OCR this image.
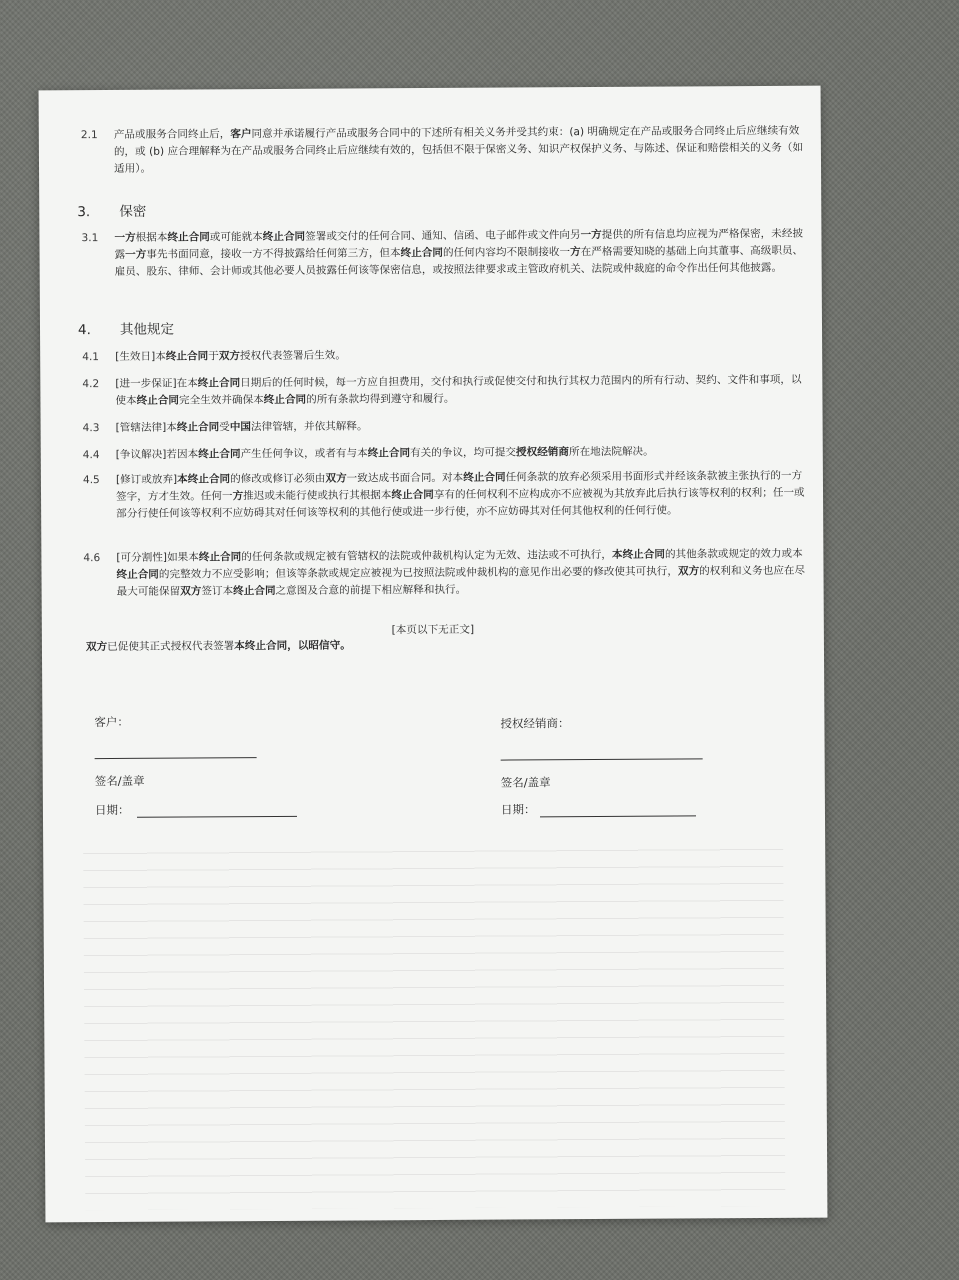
2.1 产品或服务合同终止后，客户同意并承诺履行产品或服务合同中的下述所有相关义务并受其约束：(a) 明确规定在产品或服务合同终止后应继续有效的，或 (b) 应合理解释为在产品或服务合同终止后应继续有效的，包括但不限于保密义务、知识产权保护义务、与陈述、保证和赔偿相关的义务（如适用）。
3. 保密
3.1 一方根据本终止合同或可能就本终止合同签署或交付的任何合同、通知、信函、电子邮件或文件向另一方提供的所有信息均应视为严格保密，未经披露一方事先书面同意，接收一方不得披露给任何第三方，但本终止合同的任何内容均不限制接收一方在严格需要知晓的基础上向其董事、高级职员、雇员、股东、律师、会计师或其他必要人员披露任何该等保密信息，或按照法律要求或主管政府机关、法院或仲裁庭的命令作出任何其他披露。
4. 其他规定
4.1 [生效日]本终止合同于双方授权代表签署后生效。
4.2 [进一步保证]在本终止合同日期后的任何时候，每一方应自担费用，交付和执行或促使交付和执行其权力范围内的所有行动、契约、文件和事项，以使本终止合同完全生效并确保本终止合同的所有条款均得到遵守和履行。
4.3 [管辖法律]本终止合同受中国法律管辖，并依其解释。
4.4 [争议解决]若因本终止合同产生任何争议，或者有与本终止合同有关的争议，均可提交授权经销商所在地法院解决。
4.5 [修订或放弃]本终止合同的修改或修订必须由双方一致达成书面合同。对本终止合同任何条款的放弃必须采用书面形式并经该条款被主张执行的一方签字，方才生效。任何一方推迟或未能行使或执行其根据本终止合同享有的任何权利不应构成亦不应被视为其放弃此后执行该等权利的权利；任一或部分行使任何该等权利不应妨碍其对任何该等权利的其他行使或进一步行使，亦不应妨碍其对任何其他权利的任何行使。
4.6 [可分割性]如果本终止合同的任何条款或规定被有管辖权的法院或仲裁机构认定为无效、违法或不可执行，本终止合同的其他条款或规定的效力或本终止合同的完整效力不应受影响；但该等条款或规定应被视为已按照法院或仲裁机构的意见作出必要的修改使其可执行，双方的权利和义务也应在尽最大可能保留双方签订本终止合同之意图及合意的前提下相应解释和执行。
[本页以下无正文]
双方已促使其正式授权代表签署本终止合同，以昭信守。
客户：	授权经销商：
签名/盖章	签名/盖章
日期：	日期：
